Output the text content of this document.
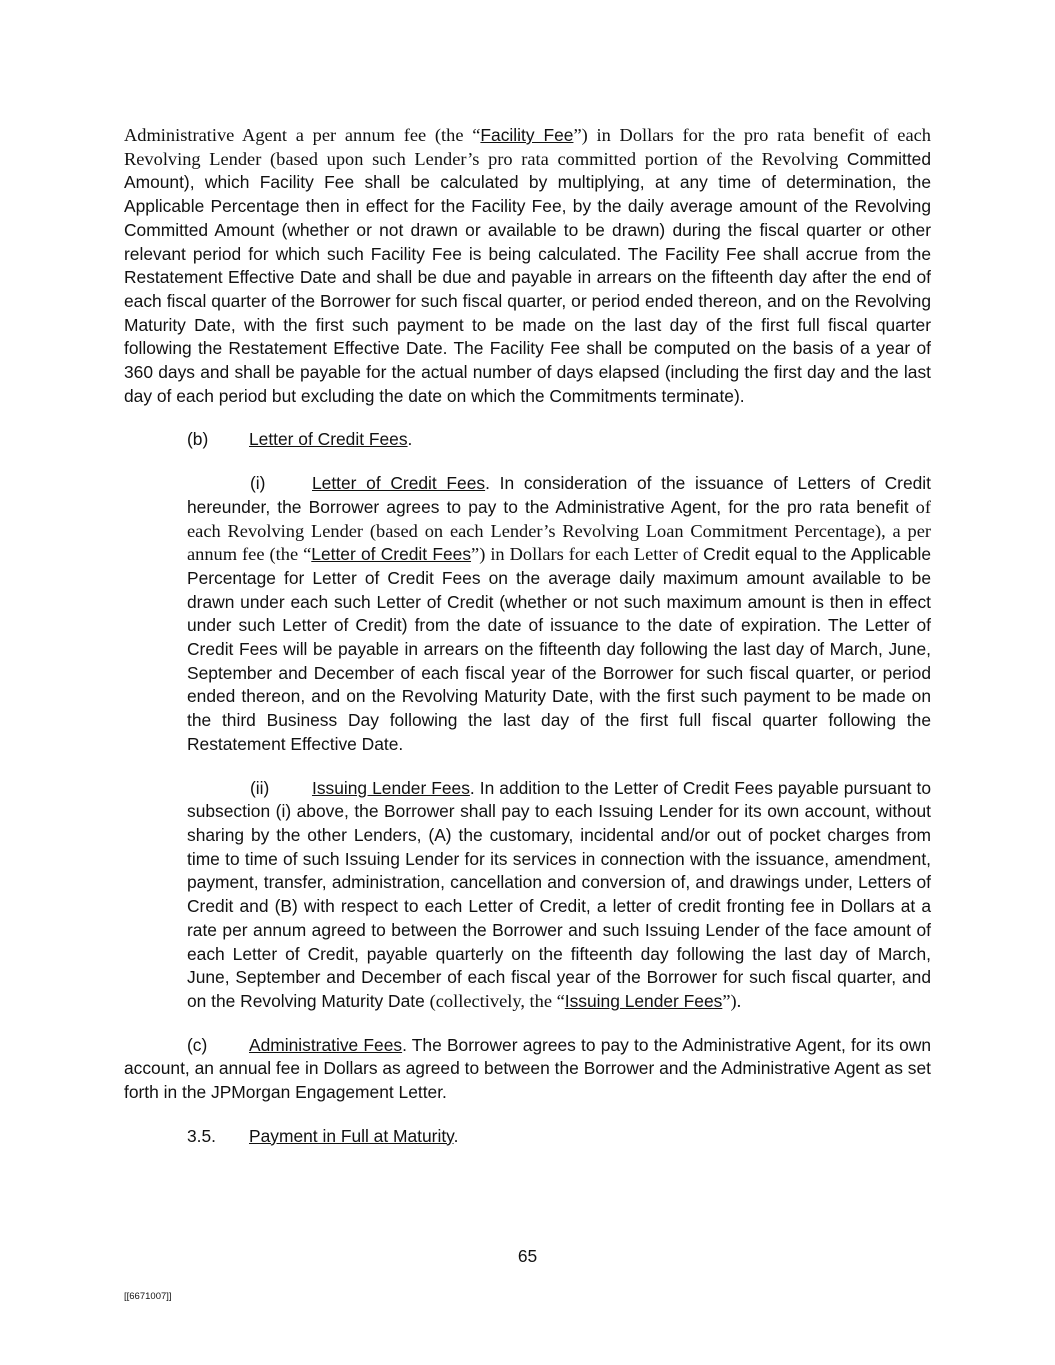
Administrative Agent a per annum fee (the “Facility Fee”) in Dollars for the pro rata benefit of each Revolving Lender (based upon such Lender’s pro rata committed portion of the Revolving Committed Amount), which Facility Fee shall be calculated by multiplying, at any time of determination, the Applicable Percentage then in effect for the Facility Fee, by the daily average amount of the Revolving Committed Amount (whether or not drawn or available to be drawn) during the fiscal quarter or other relevant period for which such Facility Fee is being calculated. The Facility Fee shall accrue from the Restatement Effective Date and shall be due and payable in arrears on the fifteenth day after the end of each fiscal quarter of the Borrower for such fiscal quarter, or period ended thereon, and on the Revolving Maturity Date, with the first such payment to be made on the last day of the first full fiscal quarter following the Restatement Effective Date. The Facility Fee shall be computed on the basis of a year of 360 days and shall be payable for the actual number of days elapsed (including the first day and the last day of each period but excluding the date on which the Commitments terminate).

(b) Letter of Credit Fees.

(i)	Letter of Credit Fees. In consideration of the issuance of Letters of Credit hereunder, the Borrower agrees to pay to the Administrative Agent, for the pro rata benefit of each Revolving Lender (based on each Lender’s Revolving Loan Commitment Percentage), a per annum fee (the “Letter of Credit Fees”) in Dollars for each Letter of Credit equal to the Applicable Percentage for Letter of Credit Fees on the average daily maximum amount available to be drawn under each such Letter of Credit (whether or not such maximum amount is then in effect under such Letter of Credit) from the date of issuance to the date of expiration. The Letter of Credit Fees will be payable in arrears on the fifteenth day following the last day of March, June, September and December of each fiscal year of the Borrower for such fiscal quarter, or period ended thereon, and on the Revolving Maturity Date, with the first such payment to be made on the third Business Day following the last day of the first full fiscal quarter following the Restatement Effective Date.

(ii) Issuing Lender Fees. In addition to the Letter of Credit Fees payable pursuant to subsection (i) above, the Borrower shall pay to each Issuing Lender for its own account, without sharing by the other Lenders, (A) the customary, incidental and/or out of pocket charges from time to time of such Issuing Lender for its services in connection with the issuance, amendment, payment, transfer, administration, cancellation and conversion of, and drawings under, Letters of Credit and (B) with respect to each Letter of Credit, a letter of credit fronting fee in Dollars at a rate per annum agreed to between the Borrower and such Issuing Lender of the face amount of each Letter of Credit, payable quarterly on the fifteenth day following the last day of March, June, September and December of each fiscal year of the Borrower for such fiscal quarter, and on the Revolving Maturity Date (collectively, the “Issuing Lender Fees”).

(c) Administrative Fees. The Borrower agrees to pay to the Administrative Agent, for its own account, an annual fee in Dollars as agreed to between the Borrower and the Administrative Agent as set forth in the JPMorgan Engagement Letter.

3.5. Payment in Full at Maturity.

65
[[6671007]]
